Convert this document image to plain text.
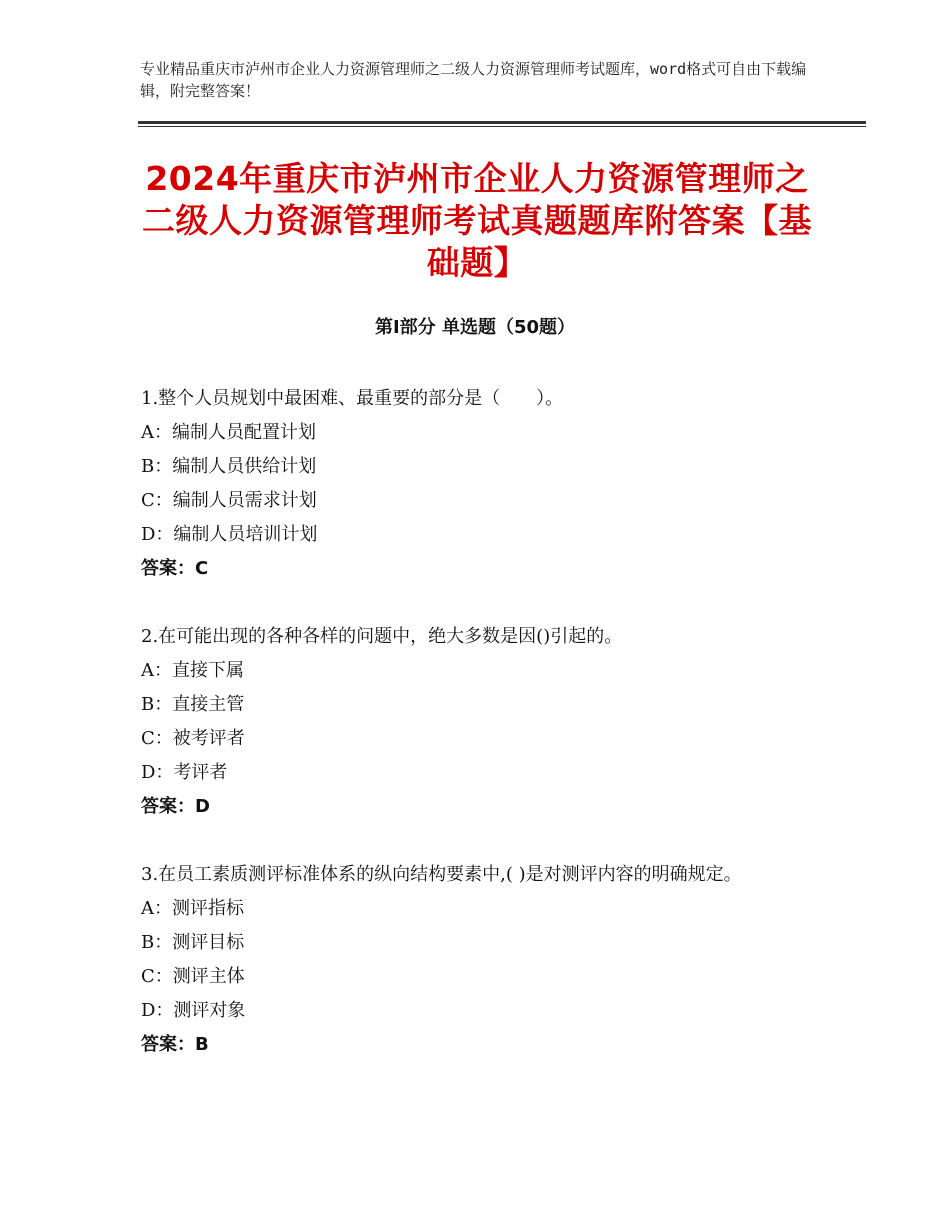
专业精品重庆市泸州市企业人力资源管理师之二级人力资源管理师考试题库，word格式可自由下载编辑，附完整答案！
2024年重庆市泸州市企业人力资源管理师之二级人力资源管理师考试真题题库附答案【基础题】
第Ⅰ部分 单选题（50题）
1.整个人员规划中最困难、最重要的部分是（　　）。
A：编制人员配置计划
B：编制人员供给计划
C：编制人员需求计划
D：编制人员培训计划
答案：C
2.在可能出现的各种各样的问题中，绝大多数是因()引起的。
A：直接下属
B：直接主管
C：被考评者
D：考评者
答案：D
3.在员工素质测评标准体系的纵向结构要素中,( )是对测评内容的明确规定。
A：测评指标
B：测评目标
C：测评主体
D：测评对象
答案：B
